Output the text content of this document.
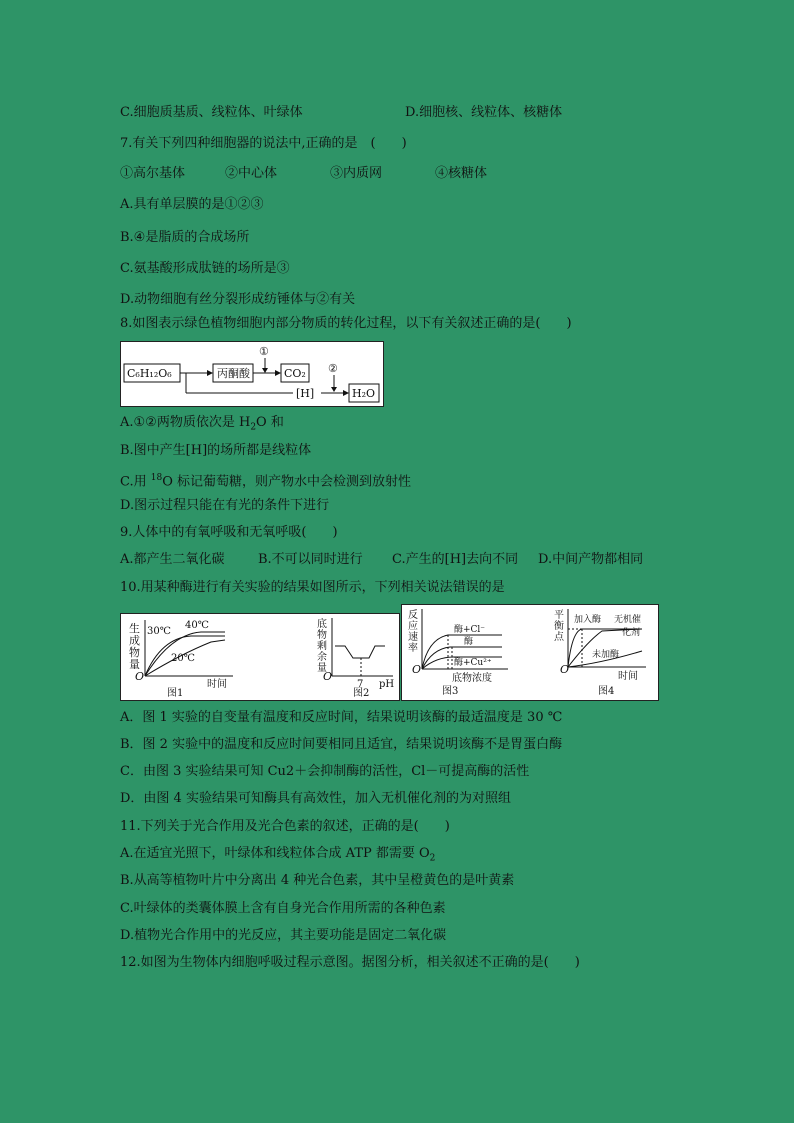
C.细胞质基质、线粒体、叶绿体	D.细胞核、线粒体、核糖体
7.有关下列四种细胞器的说法中,正确的是　(　　)
①高尔基体	②中心体	③内质网	④核糖体
A.具有单层膜的是①②③
B.④是脂质的合成场所
C.氨基酸形成肽链的场所是③
D.动物细胞有丝分裂形成纺锤体与②有关
8.如图表示绿色植物细胞内部分物质的转化过程，以下有关叙述正确的是(　　)
C₆H₁₂O₆	丙酮酸	CO₂
①
[H]
②
H₂O
A.①②两物质依次是 $H_2O$ 和
B.图中产生[H]的场所都是线粒体
C.用 $^{18}$O 标记葡萄糖，则产物水中会检测到放射性
D.图示过程只能在有光的条件下进行
9.人体中的有氧呼吸和无氧呼吸(　　)
A.都产生二氧化碳	B.不可以同时进行 C.产生的[H]去向不同 D.中间产物都相同
10.用某种酶进行有关实验的结果如图所示，下列相关说法错误的是
生
成
物
量
O
30℃
40℃
20℃
时间
图1
底
物
剩
余
量
O
7 pH
图2
反
应
速
率
O
酶+Cl⁻
酶
酶+Cu²⁺
底物浓度
图3
平
衡
点
O
加入酶 无机催
化剂
未加酶
时间
图4
A．图 1 实验的自变量有温度和反应时间，结果说明该酶的最适温度是 30 ℃
B．图 2 实验中的温度和反应时间要相同且适宜，结果说明该酶不是胃蛋白酶
C．由图 3 实验结果可知 Cu2＋会抑制酶的活性，Cl－可提高酶的活性
D．由图 4 实验结果可知酶具有高效性，加入无机催化剂的为对照组
11.下列关于光合作用及光合色素的叙述，正确的是(　　)
A.在适宜光照下，叶绿体和线粒体合成 ATP 都需要 $O_2$
B.从高等植物叶片中分离出 4 种光合色素，其中呈橙黄色的是叶黄素
C.叶绿体的类囊体膜上含有自身光合作用所需的各种色素
D.植物光合作用中的光反应，其主要功能是固定二氧化碳
12.如图为生物体内细胞呼吸过程示意图。据图分析，相关叙述不正确的是(　　)
